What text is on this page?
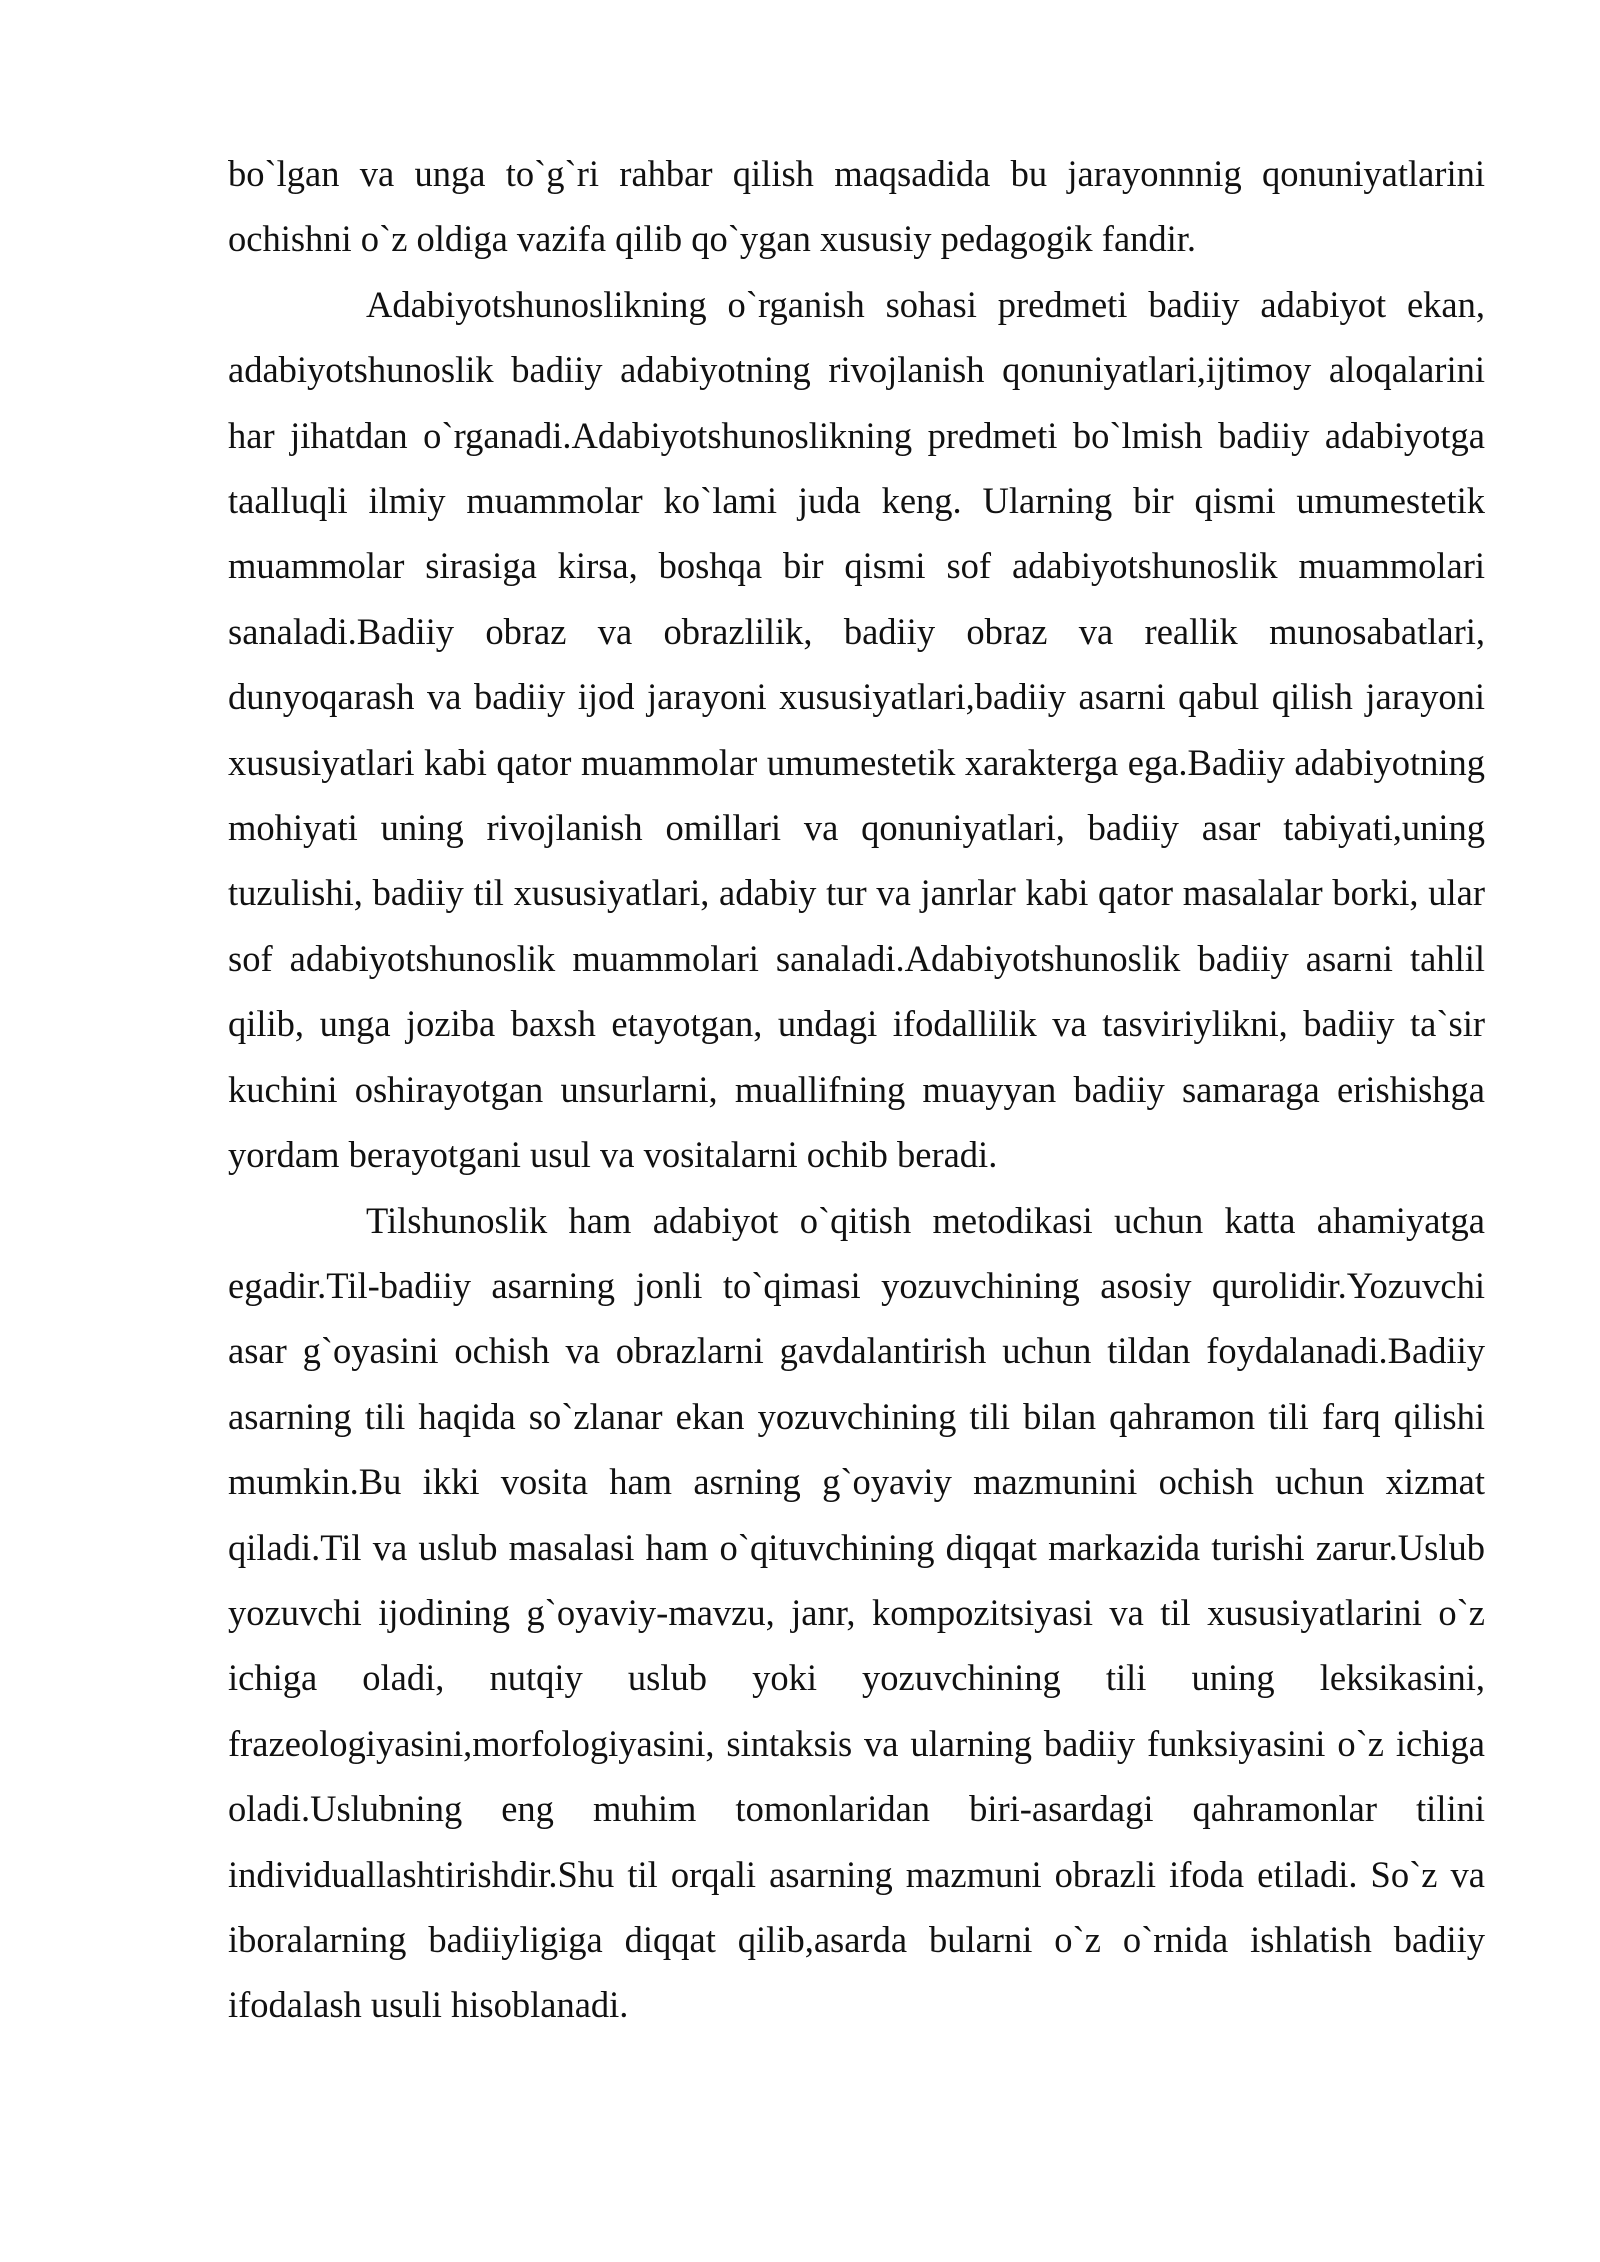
bo`lgan va unga to`g`ri rahbar qilish maqsadida bu jarayonnnig qonuniyatlarini ochishni o`z oldiga vazifa qilib qo`ygan xususiy pedagogik fandir.

Adabiyotshunoslikning o`rganish sohasi predmeti badiiy adabiyot ekan, adabiyotshunoslik badiiy adabiyotning rivojlanish qonuniyatlari,ijtimoy aloqalarini har jihatdan o`rganadi.Adabiyotshunoslikning predmeti bo`lmish badiiy adabiyotga taalluqli ilmiy muammolar ko`lami juda keng. Ularning bir qismi umumestetik muammolar sirasiga kirsa, boshqa bir qismi sof adabiyotshunoslik muammolari sanaladi.Badiiy obraz va obrazlilik, badiiy obraz va reallik munosabatlari, dunyoqarash va badiiy ijod jarayoni xususiyatlari,badiiy asarni qabul qilish jarayoni xususiyatlari kabi qator muammolar umumestetik xarakterga ega.Badiiy adabiyotning mohiyati uning rivojlanish omillari va qonuniyatlari, badiiy asar tabiyati,uning tuzulishi, badiiy til xususiyatlari, adabiy tur va janrlar kabi qator masalalar borki, ular sof adabiyotshunoslik muammolari sanaladi.Adabiyotshunoslik badiiy asarni tahlil qilib, unga joziba baxsh etayotgan, undagi ifodallilik va tasviriylikni, badiiy ta`sir kuchini oshirayotgan unsurlarni, muallifning muayyan badiiy samaraga erishishga yordam berayotgani usul va vositalarni ochib beradi.

Tilshunoslik ham adabiyot o`qitish metodikasi uchun katta ahamiyatga egadir.Til-badiiy asarning jonli to`qimasi yozuvchining asosiy qurolidir.Yozuvchi asar g`oyasini ochish va obrazlarni gavdalantirish uchun tildan foydalanadi.Badiiy asarning tili haqida so`zlanar ekan yozuvchining tili bilan qahramon tili farq qilishi mumkin.Bu ikki vosita ham asrning g`oyaviy mazmunini ochish uchun xizmat qiladi.Til va uslub masalasi ham o`qituvchining diqqat markazida turishi zarur.Uslub yozuvchi ijodining g`oyaviy-mavzu, janr, kompozitsiyasi va til xususiyatlarini o`z ichiga oladi, nutqiy uslub yoki yozuvchining tili uning leksikasini, frazeologiyasini,morfologiyasini, sintaksis va ularning badiiy funksiyasini o`z ichiga oladi.Uslubning eng muhim tomonlaridan biri-asardagi qahramonlar tilini individuallashtirishdir.Shu til orqali asarning mazmuni obrazli ifoda etiladi. So`z va iboralarning badiiyligiga diqqat qilib,asarda bularni o`z o`rnida ishlatish badiiy ifodalash usuli hisoblanadi.
